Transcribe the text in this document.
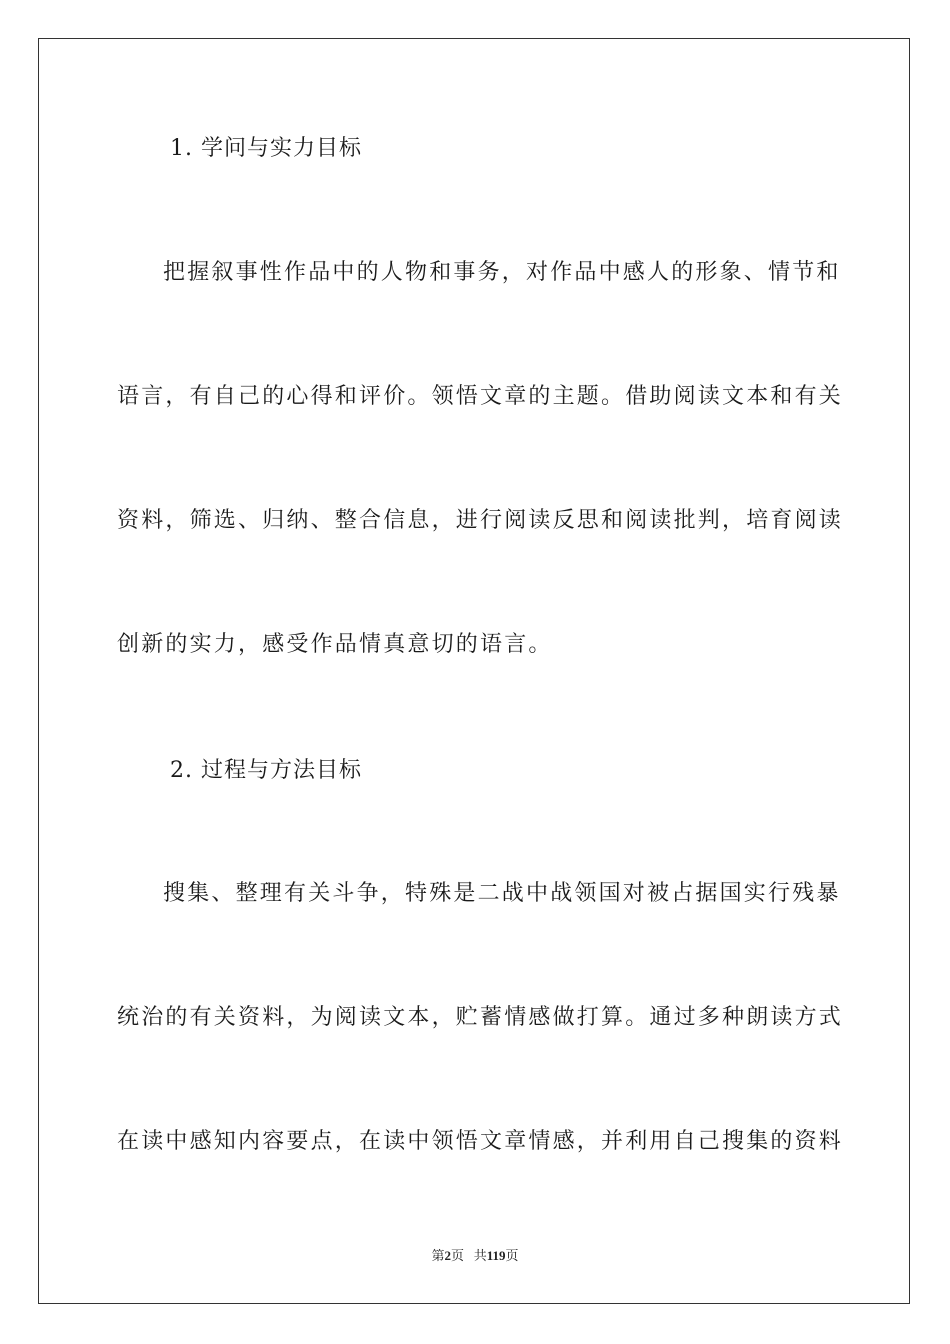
1. 学问与实力目标
把握叙事性作品中的人物和事务，对作品中感人的形象、情节和
语言，有自己的心得和评价。领悟文章的主题。借助阅读文本和有关
资料，筛选、归纳、整合信息，进行阅读反思和阅读批判，培育阅读
创新的实力，感受作品情真意切的语言。
2. 过程与方法目标
搜集、整理有关斗争，特殊是二战中战领国对被占据国实行残暴
统治的有关资料，为阅读文本，贮蓄情感做打算。通过多种朗读方式
在读中感知内容要点，在读中领悟文章情感，并利用自己搜集的资料
第2页 共119页
